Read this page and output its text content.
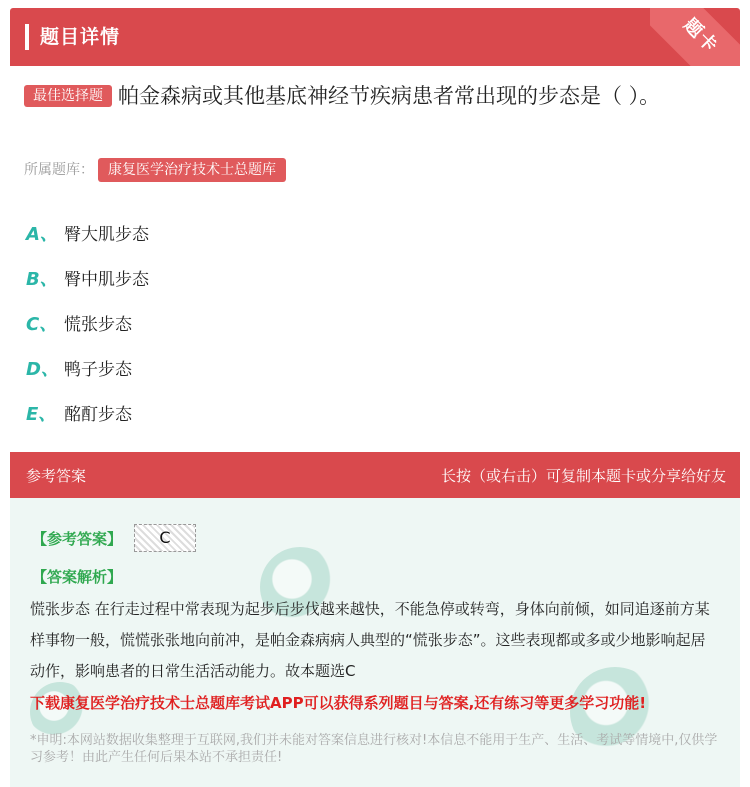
题目详情	题卡
最佳选择题 帕金森病或其他基底神经节疾病患者常出现的步态是（ ）。
所属题库： 康复医学治疗技术士总题库
A、 臀大肌步态
B、 臀中肌步态
C、 慌张步态
D、 鸭子步态
E、 酩酊步态
参考答案	长按（或右击）可复制本题卡或分享给好友
【参考答案】	C
【答案解析】
慌张步态 在行走过程中常表现为起步后步伐越来越快，不能急停或转弯，身体向前倾，如同追逐前方某样事物一般，慌慌张张地向前冲，是帕金森病病人典型的“慌张步态”。这些表现都或多或少地影响起居动作，影响患者的日常生活活动能力。故本题选C
下载康复医学治疗技术士总题库考试APP可以获得系列题目与答案,还有练习等更多学习功能!
*申明:本网站数据收集整理于互联网,我们并未能对答案信息进行核对!本信息不能用于生产、生活、考试等情境中,仅供学习参考！由此产生任何后果本站不承担责任!
